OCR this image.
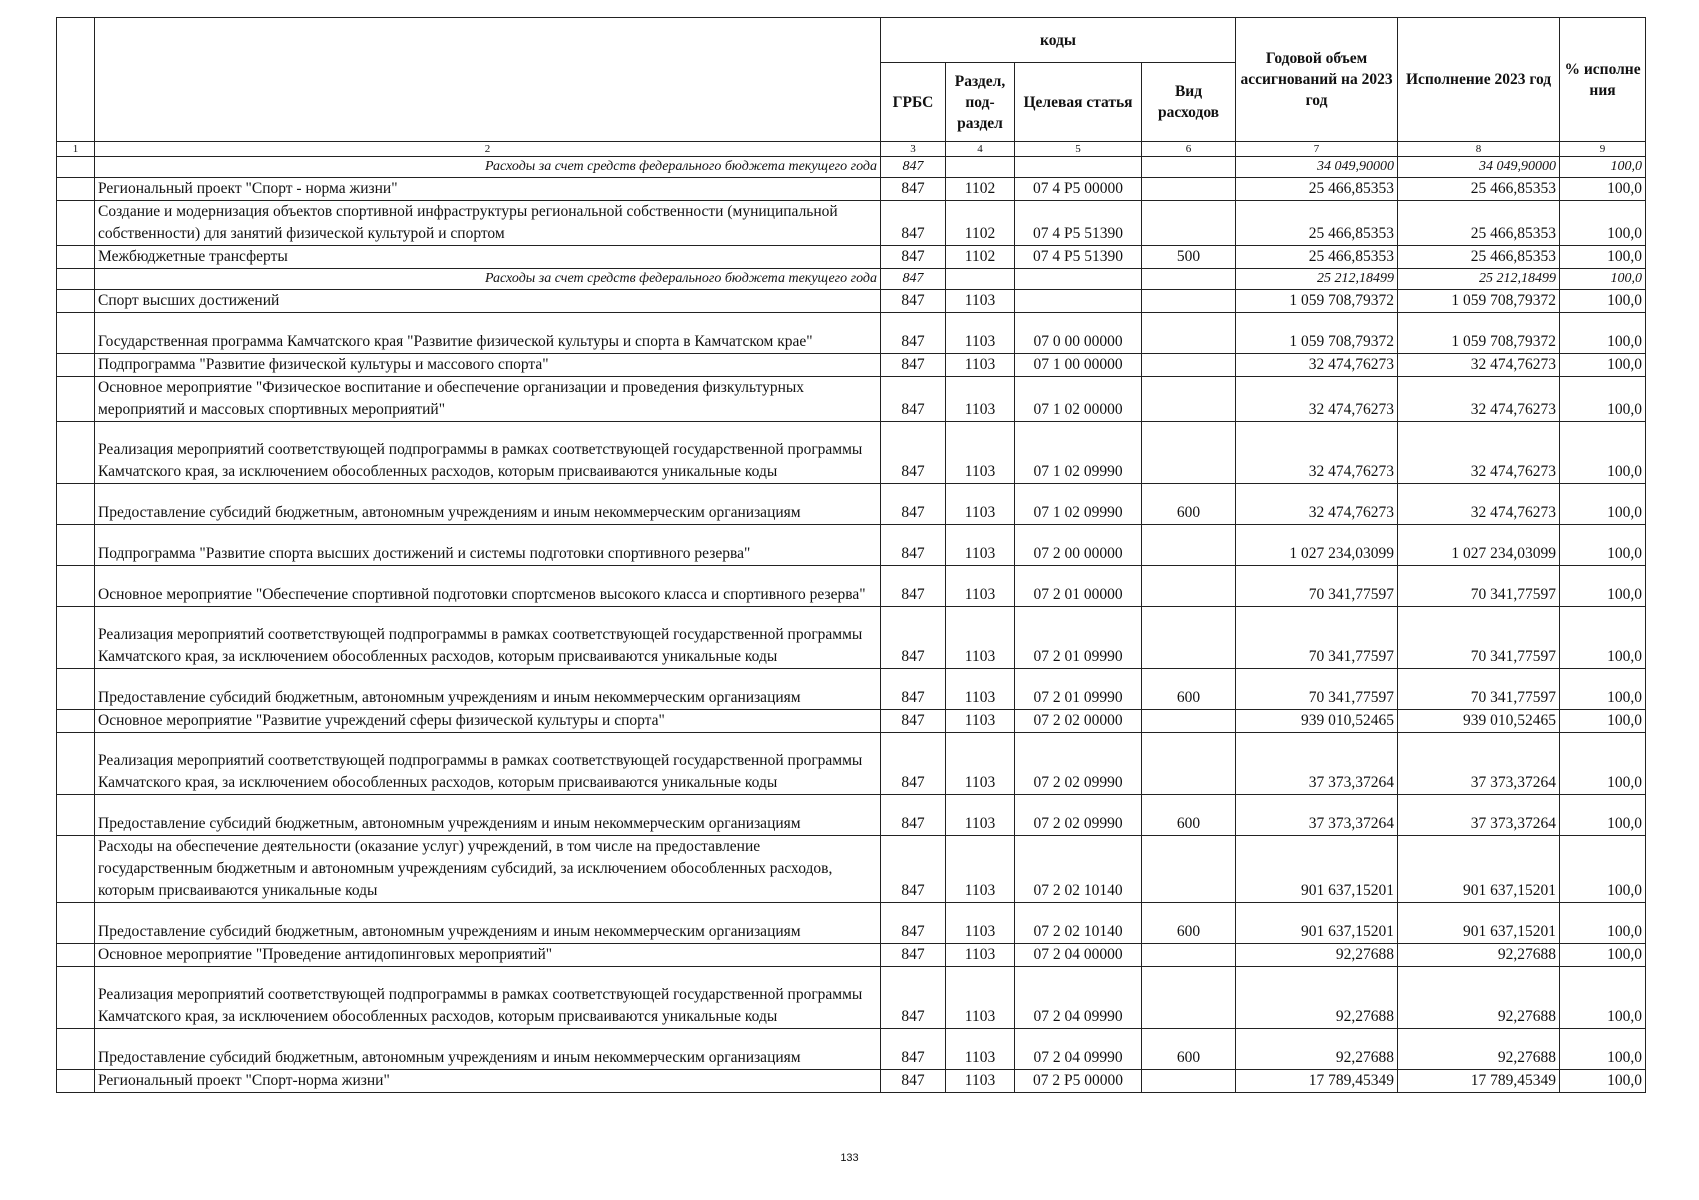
		коды				Годовой объем ассигнований на 2023 год	Исполнение 2023 год	% исполне ния
		ГРБС	Раздел, под-раздел	Целевая статья	Вид расходов			
1	2	3	4	5	6	7	8	9
	Расходы за счет средств федерального бюджета текущего года	847				34 049,90000	34 049,90000	100,0
	Региональный проект "Спорт - норма жизни"	847	1102	07 4 P5 00000		25 466,85353	25 466,85353	100,0
	Создание и модернизация объектов спортивной инфраструктуры региональной собственности (муниципальной собственности) для занятий физической культурой и спортом	847	1102	07 4 P5 51390		25 466,85353	25 466,85353	100,0
	Межбюджетные трансферты	847	1102	07 4 P5 51390	500	25 466,85353	25 466,85353	100,0
	Расходы за счет средств федерального бюджета текущего года	847				25 212,18499	25 212,18499	100,0
	Спорт высших достижений	847	1103			1 059 708,79372	1 059 708,79372	100,0
	Государственная программа Камчатского края "Развитие физической культуры и спорта в Камчатском крае"	847	1103	07 0 00 00000		1 059 708,79372	1 059 708,79372	100,0
	Подпрограмма "Развитие физической культуры и массового спорта"	847	1103	07 1 00 00000		32 474,76273	32 474,76273	100,0
	Основное мероприятие "Физическое воспитание и обеспечение организации и проведения физкультурных мероприятий и массовых спортивных мероприятий"	847	1103	07 1 02 00000		32 474,76273	32 474,76273	100,0
	Реализация мероприятий соответствующей подпрограммы в рамках соответствующей государственной программы Камчатского края, за исключением обособленных расходов, которым присваиваются уникальные коды	847	1103	07 1 02 09990		32 474,76273	32 474,76273	100,0
	Предоставление субсидий бюджетным, автономным учреждениям и иным некоммерческим организациям	847	1103	07 1 02 09990	600	32 474,76273	32 474,76273	100,0
	Подпрограмма "Развитие спорта высших достижений и системы подготовки спортивного резерва"	847	1103	07 2 00 00000		1 027 234,03099	1 027 234,03099	100,0
	Основное мероприятие "Обеспечение спортивной подготовки спортсменов высокого класса и спортивного резерва"	847	1103	07 2 01 00000		70 341,77597	70 341,77597	100,0
	Реализация мероприятий соответствующей подпрограммы в рамках соответствующей государственной программы Камчатского края, за исключением обособленных расходов, которым присваиваются уникальные коды	847	1103	07 2 01 09990		70 341,77597	70 341,77597	100,0
	Предоставление субсидий бюджетным, автономным учреждениям и иным некоммерческим организациям	847	1103	07 2 01 09990	600	70 341,77597	70 341,77597	100,0
	Основное мероприятие "Развитие учреждений сферы физической культуры и спорта"	847	1103	07 2 02 00000		939 010,52465	939 010,52465	100,0
	Реализация мероприятий соответствующей подпрограммы в рамках соответствующей государственной программы Камчатского края, за исключением обособленных расходов, которым присваиваются уникальные коды	847	1103	07 2 02 09990		37 373,37264	37 373,37264	100,0
	Предоставление субсидий бюджетным, автономным учреждениям и иным некоммерческим организациям	847	1103	07 2 02 09990	600	37 373,37264	37 373,37264	100,0
	Расходы на обеспечение деятельности (оказание услуг) учреждений, в том числе на предоставление государственным бюджетным и автономным учреждениям субсидий, за исключением обособленных расходов, которым присваиваются уникальные коды	847	1103	07 2 02 10140		901 637,15201	901 637,15201	100,0
	Предоставление субсидий бюджетным, автономным учреждениям и иным некоммерческим организациям	847	1103	07 2 02 10140	600	901 637,15201	901 637,15201	100,0
	Основное мероприятие "Проведение антидопинговых мероприятий"	847	1103	07 2 04 00000		92,27688	92,27688	100,0
	Реализация мероприятий соответствующей подпрограммы в рамках соответствующей государственной программы Камчатского края, за исключением обособленных расходов, которым присваиваются уникальные коды	847	1103	07 2 04 09990		92,27688	92,27688	100,0
	Предоставление субсидий бюджетным, автономным учреждениям и иным некоммерческим организациям	847	1103	07 2 04 09990	600	92,27688	92,27688	100,0
	Региональный проект "Спорт-норма жизни"	847	1103	07 2 P5 00000		17 789,45349	17 789,45349	100,0
133
